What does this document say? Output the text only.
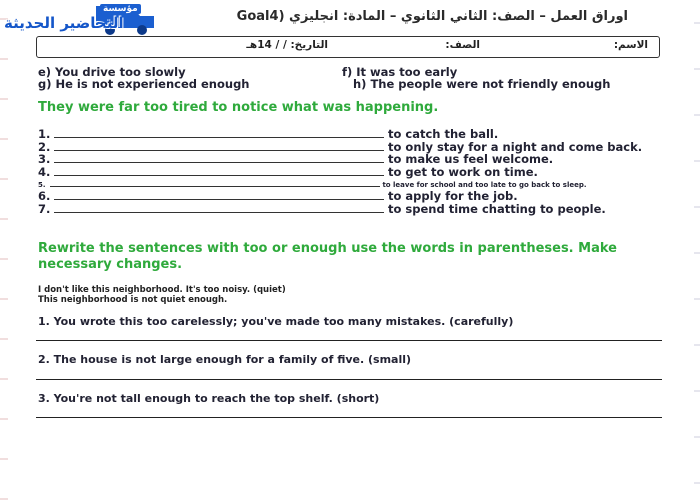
مؤسسة
التحاضير الحديثة	اوراق العمل – الصف: الثاني الثانوي – المادة: انجليزي (Goal4
الاسم:
الصف:
التاريخ: / / 14هـ
e) You drive too slowly	f) It was too early
g) He is not experienced enough	h) The people were not friendly enough
They were far too tired to notice what was happening.
1.	to catch the ball.
2.	to only stay for a night and come back.
3.	to make us feel welcome.
4.	to get to work on time.
5.	to leave for school and too late to go back to sleep.
6.	to apply for the job.
7.	to spend time chatting to people.
Rewrite the sentences with too or enough use the words in parentheses. Make necessary changes.
I don't like this neighborhood. It's too noisy. (quiet)
This neighborhood is not quiet enough.
1. You wrote this too carelessly; you've made too many mistakes. (carefully)
2. The house is not large enough for a family of five. (small)
3. You're not tall enough to reach the top shelf. (short)
